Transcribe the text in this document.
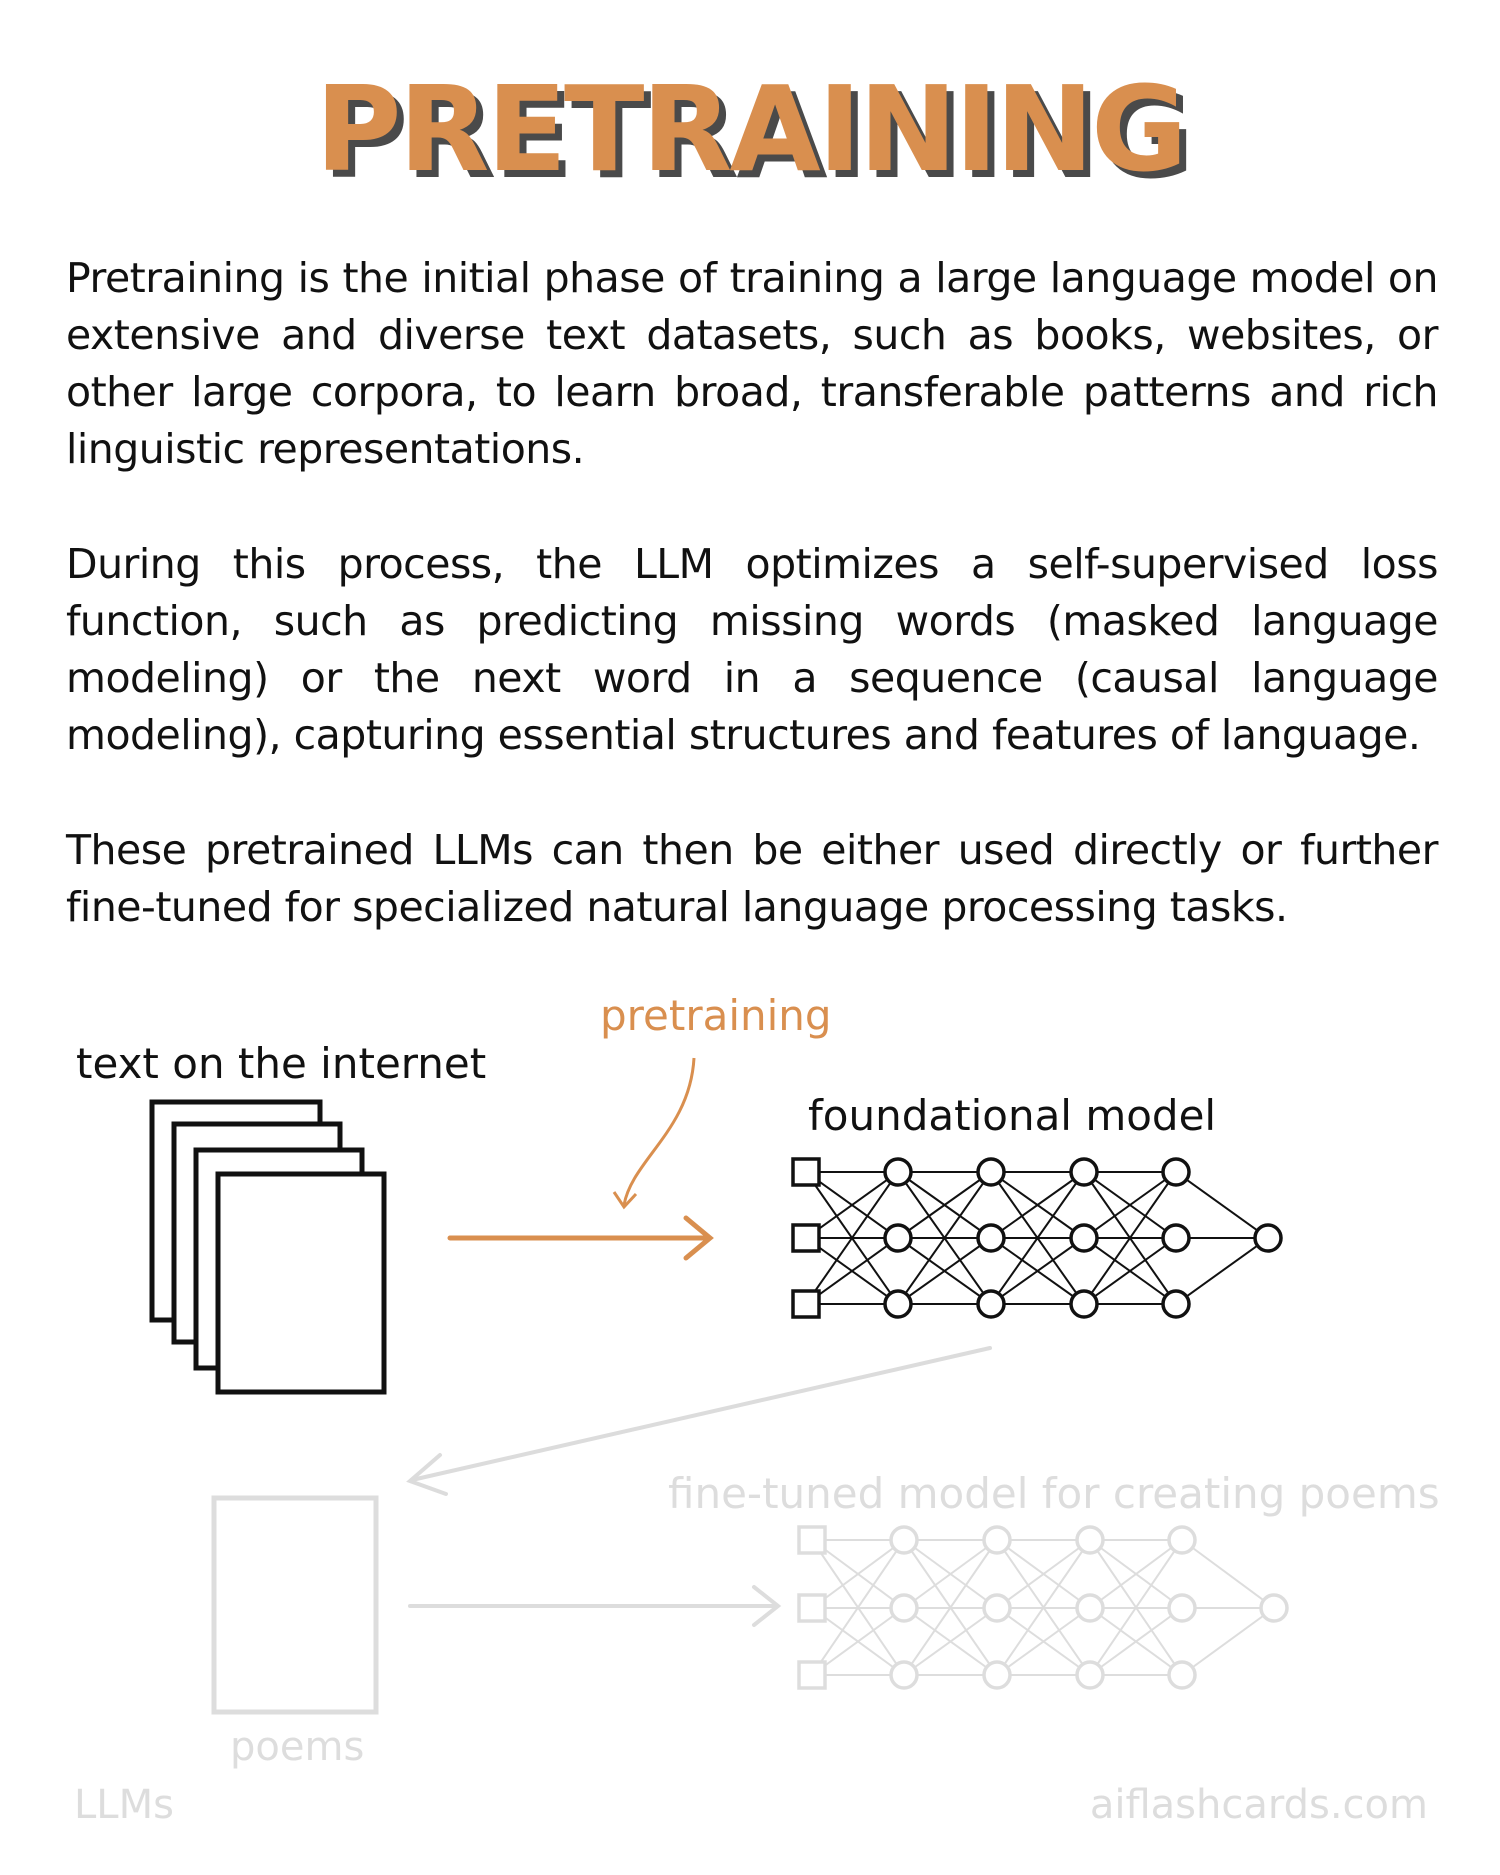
PRETRAINING

Pretraining is the initial phase of training a large language model on extensive and diverse text datasets, such as books, websites, or other large corpora, to learn broad, transferable patterns and rich linguistic representations.

During this process, the LLM optimizes a self-supervised loss function, such as predicting missing words (masked language modeling) or the next word in a sequence (causal language modeling), capturing essential structures and features of language.

These pretrained LLMs can then be either used directly or further fine-tuned for specialized natural language processing tasks.

text on the internet
pretraining
foundational model
fine-tuned model for creating poems
poems
LLMs	aiflashcards.com
